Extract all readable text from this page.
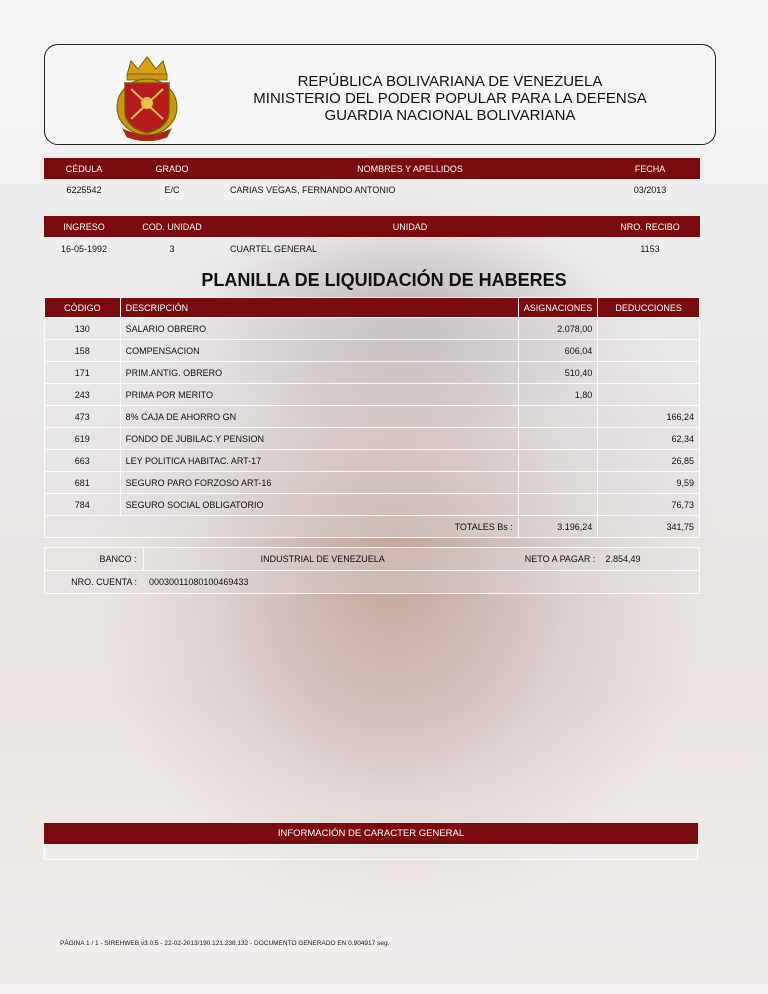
REPÚBLICA BOLIVARIANA DE VENEZUELA
MINISTERIO DEL PODER POPULAR PARA LA DEFENSA
GUARDIA NACIONAL BOLIVARIANA
CÉDULA	GRADO	NOMBRES Y APELLIDOS	FECHA
6225542	E/C	CARIAS VEGAS, FERNANDO ANTONIO	03/2013
INGRESO	COD. UNIDAD	UNIDAD	NRO. RECIBO
16-05-1992	3	CUARTEL GENERAL	1153
PLANILLA DE LIQUIDACIÓN DE HABERES
CÓDIGO	DESCRIPCIÓN	ASIGNACIONES	DEDUCCIONES
130	SALARIO OBRERO	2.078,00	
158	COMPENSACION	606,04	
171	PRIM.ANTIG. OBRERO	510,40	
243	PRIMA POR MERITO	1,80	
473	8% CAJA DE AHORRO GN		166,24
619	FONDO DE JUBILAC.Y PENSION		62,34
663	LEY POLITICA HABITAC. ART-17		26,85
681	SEGURO PARO FORZOSO ART-16		9,59
784	SEGURO SOCIAL OBLIGATORIO		76,73
TOTALES Bs :		3.196,24	341,75
BANCO :	INDUSTRIAL DE VENEZUELA	NETO A PAGAR :	2.854,49
NRO. CUENTA :	00030011080100469433
INFORMACIÓN DE CARACTER GENERAL
PÁGINA 1 / 1 - SIREHWEB v3.0.5 - 22-02-2013/190.121.238.132 - DOCUMENTO GENERADO EN 0.904917 seg.
